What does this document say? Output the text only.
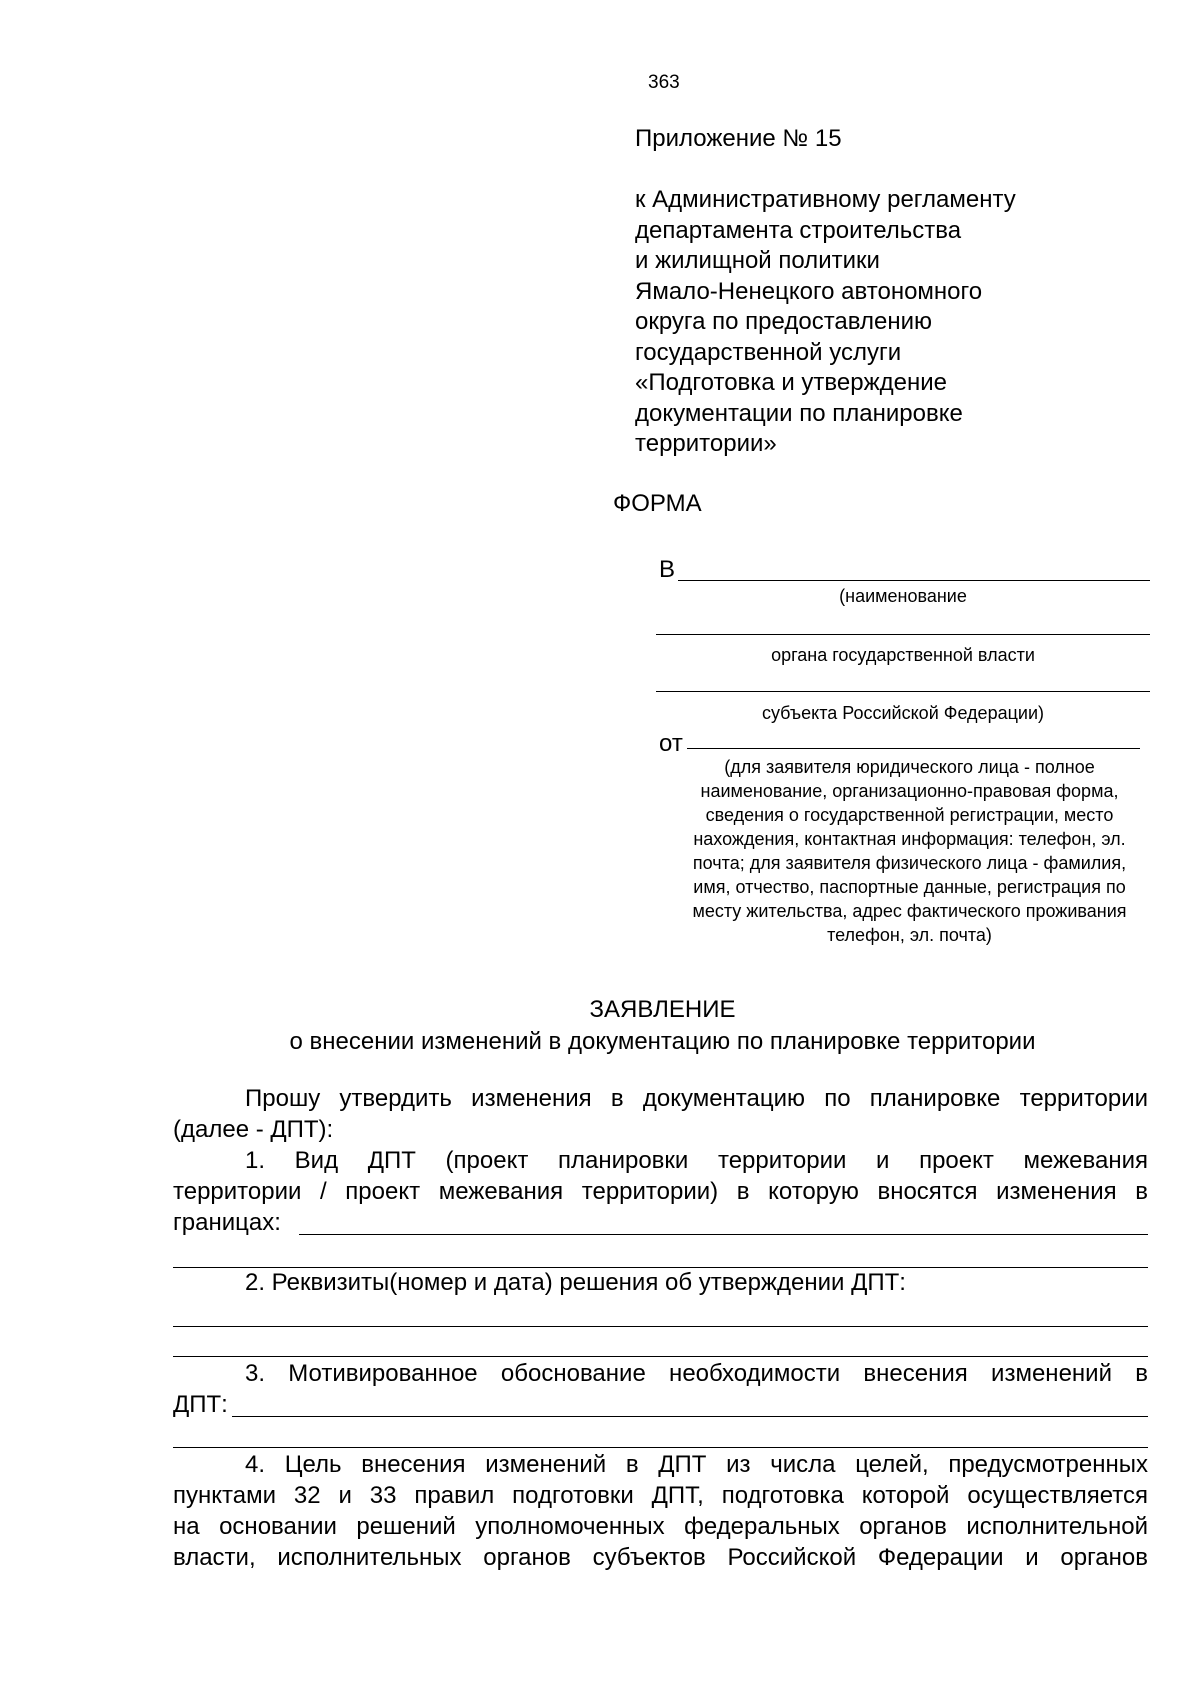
363
Приложение № 15
к Административному регламенту
департамента строительства
и жилищной политики
Ямало-Ненецкого автономного
округа по предоставлению
государственной услуги
«Подготовка и утверждение
документации по планировке
территории»
ФОРМА
В
(наименование
органа государственной власти
субъекта Российской Федерации)
от
(для заявителя юридического лица - полное
наименование, организационно-правовая форма,
сведения о государственной регистрации, место
нахождения, контактная информация: телефон, эл.
почта; для заявителя физического лица - фамилия,
имя, отчество, паспортные данные, регистрация по
месту жительства, адрес фактического проживания
телефон, эл. почта)
ЗАЯВЛЕНИЕ
о внесении изменений в документацию по планировке территории
Прошу утвердить изменения в документацию по планировке территории
(далее - ДПТ):
1. Вид ДПТ (проект планировки территории и проект межевания
территории / проект межевания территории) в которую вносятся изменения в
границах:
2. Реквизиты(номер и дата) решения об утверждении ДПТ:
3. Мотивированное обоснование необходимости внесения изменений в
ДПТ:
4. Цель внесения изменений в ДПТ из числа целей, предусмотренных
пунктами 32 и 33 правил подготовки ДПТ, подготовка которой осуществляется
на основании решений уполномоченных федеральных органов исполнительной
власти, исполнительных органов субъектов Российской Федерации и органов
